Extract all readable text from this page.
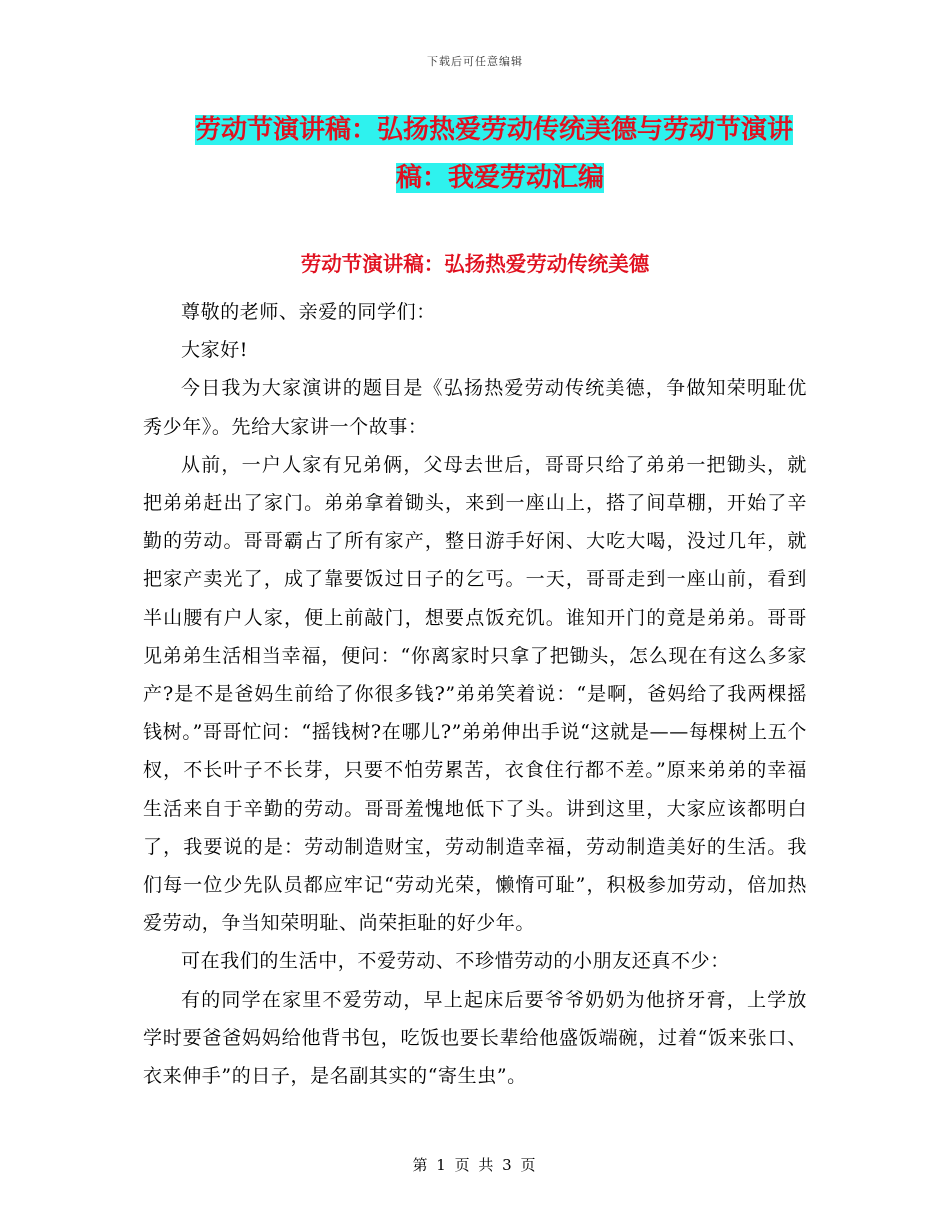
下载后可任意编辑
劳动节演讲稿：弘扬热爱劳动传统美德与劳动节演讲
稿：我爱劳动汇编
劳动节演讲稿：弘扬热爱劳动传统美德

尊敬的老师、亲爱的同学们：

大家好!

今日我为大家演讲的题目是《弘扬热爱劳动传统美德，争做知荣明耻优秀少年》。先给大家讲一个故事：

从前，一户人家有兄弟俩，父母去世后，哥哥只给了弟弟一把锄头，就把弟弟赶出了家门。弟弟拿着锄头，来到一座山上，搭了间草棚，开始了辛勤的劳动。哥哥霸占了所有家产，整日游手好闲、大吃大喝，没过几年，就把家产卖光了，成了靠要饭过日子的乞丐。一天，哥哥走到一座山前，看到半山腰有户人家，便上前敲门，想要点饭充饥。谁知开门的竟是弟弟。哥哥见弟弟生活相当幸福，便问：“你离家时只拿了把锄头，怎么现在有这么多家产?是不是爸妈生前给了你很多钱?”弟弟笑着说：“是啊，爸妈给了我两棵摇钱树。”哥哥忙问：“摇钱树?在哪儿?”弟弟伸出手说“这就是——每棵树上五个杈，不长叶子不长芽，只要不怕劳累苦，衣食住行都不差。”原来弟弟的幸福生活来自于辛勤的劳动。哥哥羞愧地低下了头。讲到这里，大家应该都明白了，我要说的是：劳动制造财宝，劳动制造幸福，劳动制造美好的生活。我们每一位少先队员都应牢记“劳动光荣，懒惰可耻”，积极参加劳动，倍加热爱劳动，争当知荣明耻、尚荣拒耻的好少年。

可在我们的生活中，不爱劳动、不珍惜劳动的小朋友还真不少：

有的同学在家里不爱劳动，早上起床后要爷爷奶奶为他挤牙膏，上学放学时要爸爸妈妈给他背书包，吃饭也要长辈给他盛饭端碗，过着“饭来张口、衣来伸手”的日子，是名副其实的“寄生虫”。

第 1 页 共 3 页
